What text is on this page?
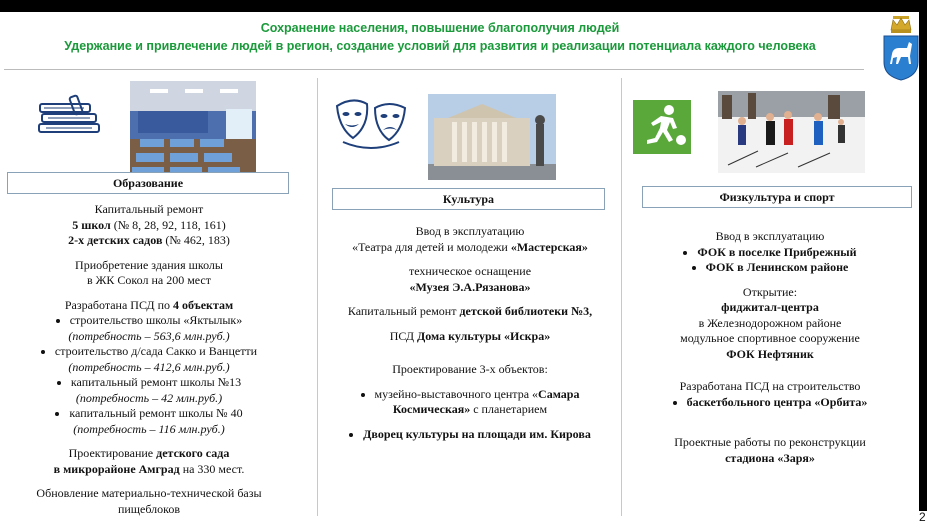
Сохранение населения, повышение благополучия людей
Удержание и привлечение людей в регион, создание условий для развития и реализации потенциала каждого человека
Образование

Капитальный ремонт

5 школ (№ 8, 28, 92, 118, 161)

2-х детских садов (№ 462, 183)

Приобретение здания школы

в ЖК Сокол на 200 мест

Разработана ПСД по 4 объектам

строительство школы «Яктылык»

(потребность – 563,6 млн.руб.)

строительство д/сада Сакко и Ванцетти

(потребность – 412,6 млн.руб.)

капитальный ремонт школы №13

(потребность – 42 млн.руб.)

капитальный ремонт школы № 40

(потребность – 116 млн.руб.)

Проектирование детского сада

в микрорайоне Амград на 330 мест.

Обновление материально-технической базы

пищеблоков

Культура

Ввод в эксплуатацию

«Театра для детей и молодежи «Мастерская»

техническое оснащение

«Музея Э.А.Рязанова»

Капитальный ремонт детской библиотеки №3,

ПСД Дома культуры «Искра»

Проектирование 3-х объектов:

музейно-выставочного центра «Самара

Космическая» с планетарием

Дворец культуры на площади им. Кирова

Физкультура и спорт

Ввод в эксплуатацию

ФОК в поселке Прибрежный

ФОК в Ленинском районе

Открытие:

фиджитал-центра

в Железнодорожном районе

модульное спортивное сооружение

ФОК Нефтяник

Разработана ПСД на строительство

баскетбольного центра «Орбита»

Проектные работы по реконструкции

стадиона «Заря»

2
